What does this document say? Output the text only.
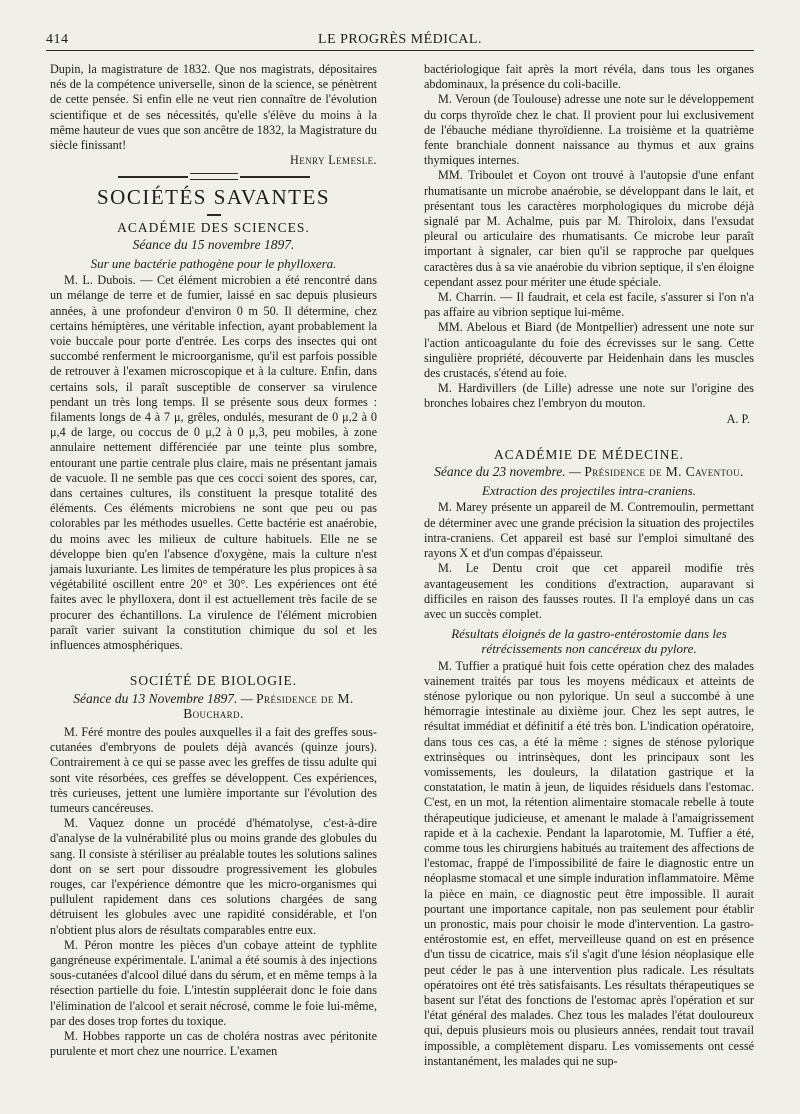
414	LE PROGRÈS MÉDICAL.

Dupin, la magistrature de 1832. Que nos magistrats, dépositaires nés de la compétence universelle, sinon de la science, se pénètrent de cette pensée. Si enfin elle ne veut rien connaître de l'évolution scientifique et de ses nécessités, qu'elle s'élève du moins à la même hauteur de vues que son ancêtre de 1832, la Magistrature du siècle finissant!

Henry Lemesle.
SOCIÉTÉS SAVANTES
ACADÉMIE DES SCIENCES.
Séance du 15 novembre 1897.
Sur une bactérie pathogène pour le phylloxera.

M. L. Dubois. — Cet élément microbien a été rencontré dans un mélange de terre et de fumier, laissé en sac depuis plusieurs années, à une profondeur d'environ 0 m 50. Il détermine, chez certains hémiptères, une véritable infection, ayant probablement la voie buccale pour porte d'entrée. Les corps des insectes qui ont succombé renferment le microorganisme, qu'il est parfois possible de retrouver à l'examen microscopique et à la culture. Enfin, dans certains sols, il paraît susceptible de conserver sa virulence pendant un très long temps. Il se présente sous deux formes : filaments longs de 4 à 7 μ, grêles, ondulés, mesurant de 0 μ,2 à 0 μ,4 de large, ou coccus de 0 μ,2 à 0 μ,3, peu mobiles, à zone annulaire nettement différenciée par une teinte plus sombre, entourant une partie centrale plus claire, mais ne présentant jamais de vacuole. Il ne semble pas que ces cocci soient des spores, car, dans certaines cultures, ils constituent la presque totalité des éléments. Ces éléments microbiens ne sont que peu ou pas colorables par les méthodes usuelles. Cette bactérie est anaérobie, du moins avec les milieux de culture habituels. Elle ne se développe bien qu'en l'absence d'oxygène, mais la culture n'est jamais luxuriante. Les limites de température les plus propices à sa végétabilité oscillent entre 20° et 30°. Les expériences ont été faites avec le phylloxera, dont il est actuellement très facile de se procurer des échantillons. La virulence de l'élément microbien paraît varier suivant la constitution chimique du sol et les influences atmosphériques.

SOCIÉTÉ DE BIOLOGIE.
Séance du 13 Novembre 1897. — Présidence de M. Bouchard.

M. Féré montre des poules auxquelles il a fait des greffes sous-cutanées d'embryons de poulets déjà avancés (quinze jours). Contrairement à ce qui se passe avec les greffes de tissu adulte qui sont vite résorbées, ces greffes se développent. Ces expériences, très curieuses, jettent une lumière importante sur l'évolution des tumeurs cancéreuses.

M. Vaquez donne un procédé d'hématolyse, c'est-à-dire d'analyse de la vulnérabilité plus ou moins grande des globules du sang. Il consiste à stériliser au préalable toutes les solutions salines dont on se sert pour dissoudre progressivement les globules rouges, car l'expérience démontre que les micro-organismes qui pullulent rapidement dans ces solutions chargées de sang détruisent les globules avec une rapidité considérable, et l'on n'obtient plus alors de résultats comparables entre eux.

M. Péron montre les pièces d'un cobaye atteint de typhlite gangréneuse expérimentale. L'animal a été soumis à des injections sous-cutanées d'alcool dilué dans du sérum, et en même temps à la résection partielle du foie. L'intestin suppléerait donc le foie dans l'élimination de l'alcool et serait nécrosé, comme le foie lui-même, par des doses trop fortes du toxique.

M. Hobbes rapporte un cas de choléra nostras avec péritonite purulente et mort chez une nourrice. L'examen

bactériologique fait après la mort révéla, dans tous les organes abdominaux, la présence du coli-bacille.

M. Veroun (de Toulouse) adresse une note sur le développement du corps thyroïde chez le chat. Il provient pour lui exclusivement de l'ébauche médiane thyroïdienne. La troisième et la quatrième fente branchiale donnent naissance au thymus et aux grains thymiques internes.

MM. Triboulet et Coyon ont trouvé à l'autopsie d'une enfant rhumatisante un microbe anaérobie, se développant dans le lait, et présentant tous les caractères morphologiques du microbe déjà signalé par M. Achalme, puis par M. Thiroloix, dans l'exsudat pleural ou articulaire des rhumatisants. Ce microbe leur paraît important à signaler, car bien qu'il se rapproche par quelques caractères dus à sa vie anaérobie du vibrion septique, il s'en éloigne cependant assez pour mériter une étude spéciale.

M. Charrin. — Il faudrait, et cela est facile, s'assurer si l'on n'a pas affaire au vibrion septique lui-même.

MM. Abelous et Biard (de Montpellier) adressent une note sur l'action anticoagulante du foie des écrevisses sur le sang. Cette singulière propriété, découverte par Heidenhain dans les muscles des crustacés, s'étend au foie.

M. Hardivillers (de Lille) adresse une note sur l'origine des bronches lobaires chez l'embryon du mouton.

A. P.
ACADÉMIE DE MÉDECINE.
Séance du 23 novembre. — Présidence de M. Caventou.
Extraction des projectiles intra-craniens.

M. Marey présente un appareil de M. Contremoulin, permettant de déterminer avec une grande précision la situation des projectiles intra-craniens. Cet appareil est basé sur l'emploi simultané des rayons X et d'un compas d'épaisseur.

M. Le Dentu croit que cet appareil modifie très avantageusement les conditions d'extraction, auparavant si difficiles en raison des fausses routes. Il l'a employé dans un cas avec un succès complet.

Résultats éloignés de la gastro-entérostomie dans les rétrécissements non cancéreux du pylore.

M. Tuffier a pratiqué huit fois cette opération chez des malades vainement traités par tous les moyens médicaux et atteints de sténose pylorique ou non pylorique. Un seul a succombé à une hémorragie intestinale au dixième jour. Chez les sept autres, le résultat immédiat et définitif a été très bon. L'indication opératoire, dans tous ces cas, a été la même : signes de sténose pylorique extrinsèques ou intrinsèques, dont les principaux sont les vomissements, les douleurs, la dilatation gastrique et la constatation, le matin à jeun, de liquides résiduels dans l'estomac. C'est, en un mot, la rétention alimentaire stomacale rebelle à toute thérapeutique judicieuse, et amenant le malade à l'amaigrissement rapide et à la cachexie. Pendant la laparotomie, M. Tuffier a été, comme tous les chirurgiens habitués au traitement des affections de l'estomac, frappé de l'impossibilité de faire le diagnostic entre un néoplasme stomacal et une simple induration inflammatoire. Même la pièce en main, ce diagnostic peut être impossible. Il aurait pourtant une importance capitale, non pas seulement pour établir un pronostic, mais pour choisir le mode d'intervention. La gastro-entérostomie est, en effet, merveilleuse quand on est en présence d'un tissu de cicatrice, mais s'il s'agit d'une lésion néoplasique elle peut céder le pas à une intervention plus radicale. Les résultats opératoires ont été très satisfaisants. Les résultats thérapeutiques se basent sur l'état des fonctions de l'estomac après l'opération et sur l'état général des malades. Chez tous les malades l'état douloureux qui, depuis plusieurs mois ou plusieurs années, rendait tout travail impossible, a complètement disparu. Les vomissements ont cessé instantanément, les malades qui ne sup-
